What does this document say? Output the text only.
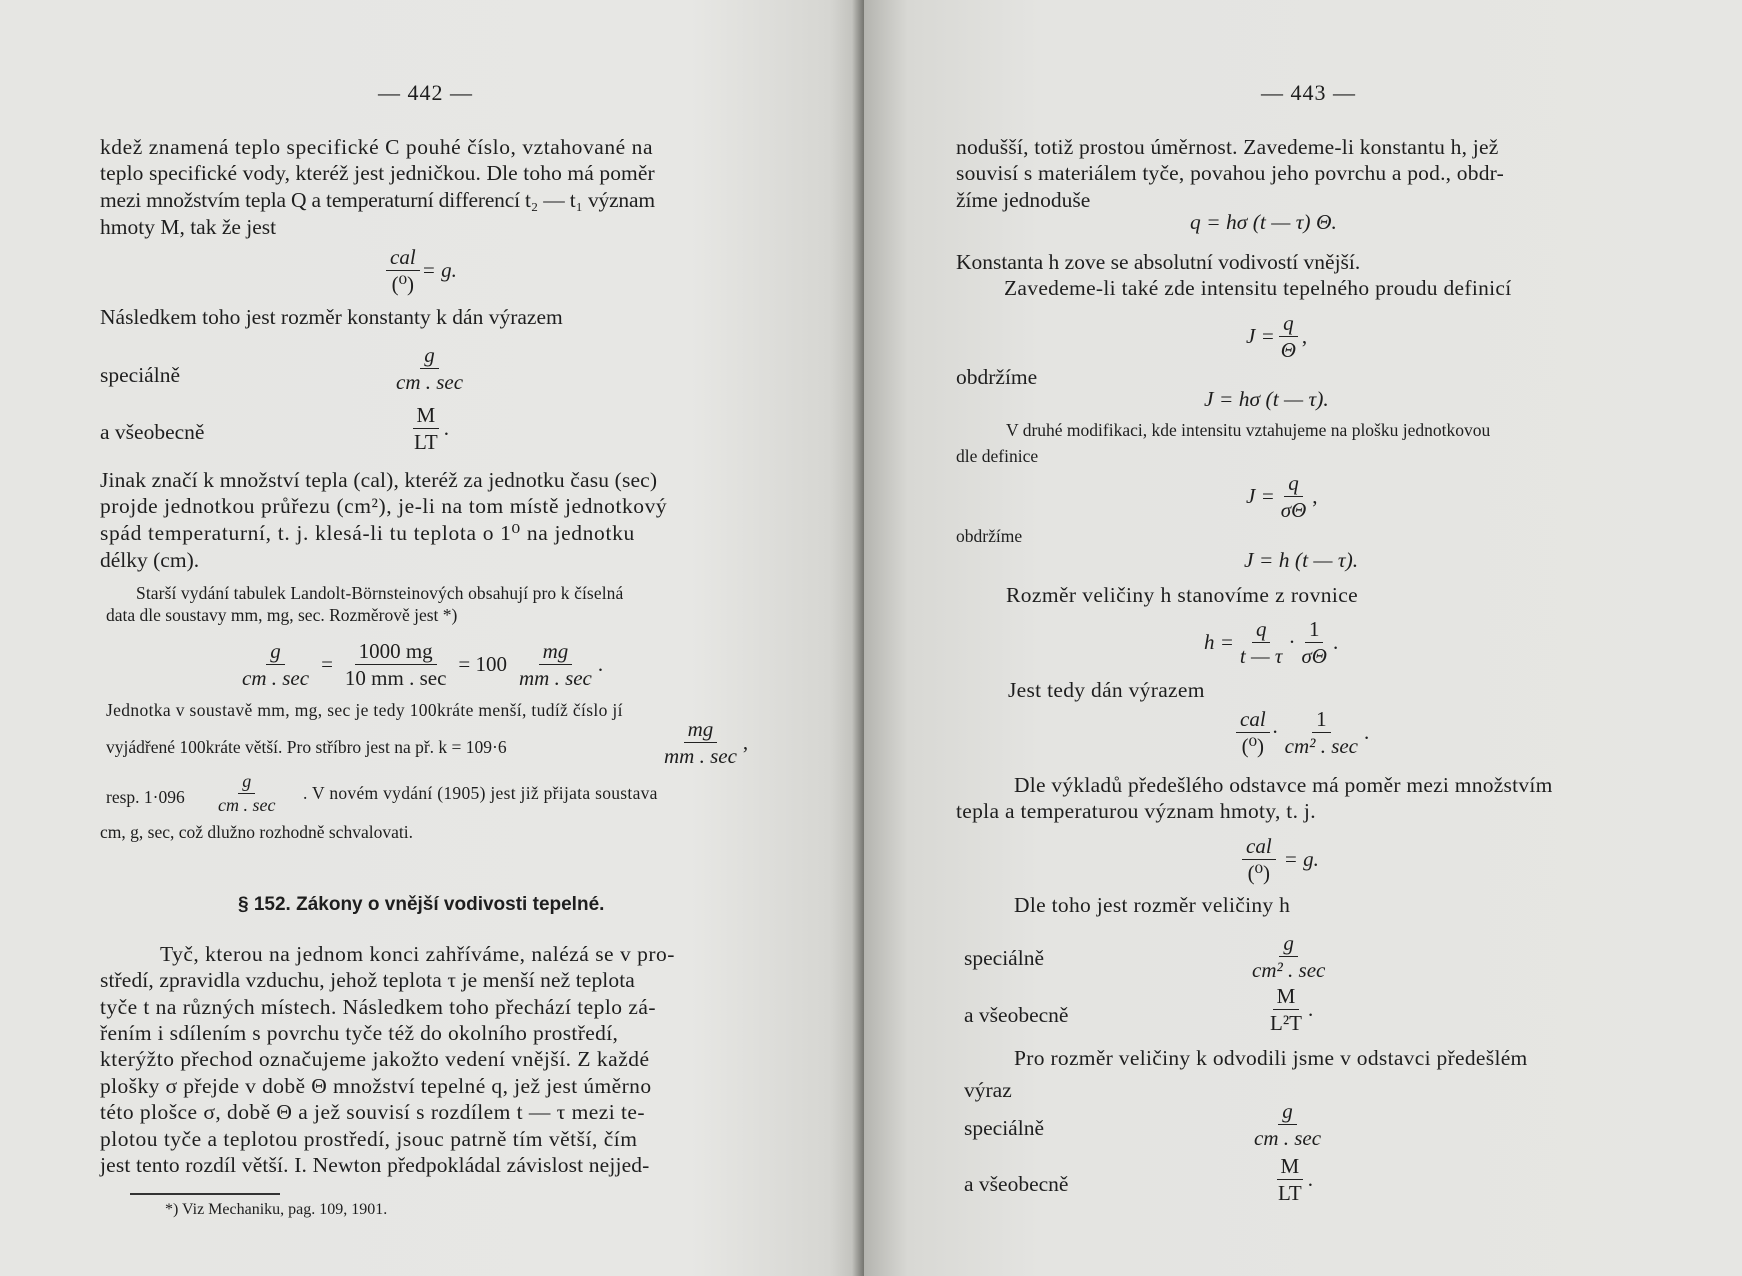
— 442 —
kdež znamená teplo specifické C pouhé číslo, vztahované na
teplo specifické vody, kteréž jest jedničkou. Dle toho má poměr
mezi množstvím tepla Q a temperaturní differencí t₂ — t₁ význam
hmoty M, tak že jest
$\frac{\text{cal}}{\text{(⁰)}} = g$.
Následkem toho jest rozměr konstanty k dán výrazem
speciálně	$\frac{g}{cm . \sec}$
a všeobecně	$\frac{M}{LT}$ .
Jinak značí k množství tepla (cal), kteréž za jednotku času (sec)
projde jednotkou průřezu (cm²), je-li na tom místě jednotkový
spád temperaturní, t. j. klesá-li tu teplota o 1⁰ na jednotku
délky (cm).
Starší vydání tabulek Landolt-Börnsteinových obsahují pro k číselná
data dle soustavy mm, mg, sec. Rozměrově jest *)
$\frac{g}{cm . \sec} = \frac{1000 mg}{10 mm . \sec} = 100 \frac{mg}{mm . \sec}$ .
Jednotka v soustavě mm, mg, sec je tedy 100kráte menší, tudíž číslo jí
vyjádřené 100kráte větší. Pro stříbro jest na př. k = 109·6	$\frac{mg}{mm . \sec}$ ,
resp. $1\cdot 096 \frac{g}{cm . \sec}$ . V novém vydání (1905) jest již přijata soustava
cm, g, sec, což dlužno rozhodně schvalovati.
§ 152. Zákony o vnější vodivosti tepelné.
Tyč, kterou na jednom konci zahříváme, nalézá se v pro-
středí, zpravidla vzduchu, jehož teplota τ je menší než teplota
tyče t na různých místech. Následkem toho přechází teplo zá-
řením i sdílením s povrchu tyče též do okolního prostředí,
kterýžto přechod označujeme jakožto vedení vnější. Z každé
plošky σ přejde v době Θ množství tepelné q, jež jest úměrno
této plošce σ, době Θ a jež souvisí s rozdílem t — τ mezi te-
plotou tyče a teplotou prostředí, jsouc patrně tím větší, čím
jest tento rozdíl větší. I. Newton předpokládal závislost nejjed-
*) Viz Mechaniku, pag. 109, 1901.
— 443 —
nodušší, totiž prostou úměrnost. Zavedeme-li konstantu h, jež
souvisí s materiálem tyče, povahou jeho povrchu a pod., obdr-
žíme jednoduše
q = hσ (t — τ) Θ.
Konstanta h zove se absolutní vodivostí vnější.
Zavedeme-li také zde intensitu tepelného proudu definicí
$J = \frac{q}{\Theta}$ ,
obdržíme
J = hσ (t — τ).
V druhé modifikaci, kde intensitu vztahujeme na plošku jednotkovou
dle definice
$J = \frac{q}{\sigma\Theta}$ ,
obdržíme
J = h (t — τ).
Rozměr veličiny h stanovíme z rovnice
$h = \frac{q}{t — \tau} \cdot \frac{1}{\sigma\Theta}$ .
Jest tedy dán výrazem
$\frac{\text{cal}}{\text{(⁰)}} \cdot \frac{1}{\text{cm² . sec}}$ .
Dle výkladů předešlého odstavce má poměr mezi množstvím
tepla a temperaturou význam hmoty, t. j.
$\frac{\text{cal}}{\text{(⁰)}} = g$.
Dle toho jest rozměr veličiny h
speciálně	$\frac{g}{\text{cm² . sec}}$
a všeobecně	$\frac{M}{\text{L²T}}$ .
Pro rozměr veličiny k odvodili jsme v odstavci předešlém
výraz
speciálně	$\frac{g}{cm . \sec}$
a všeobecně	$\frac{M}{LT}$ .
